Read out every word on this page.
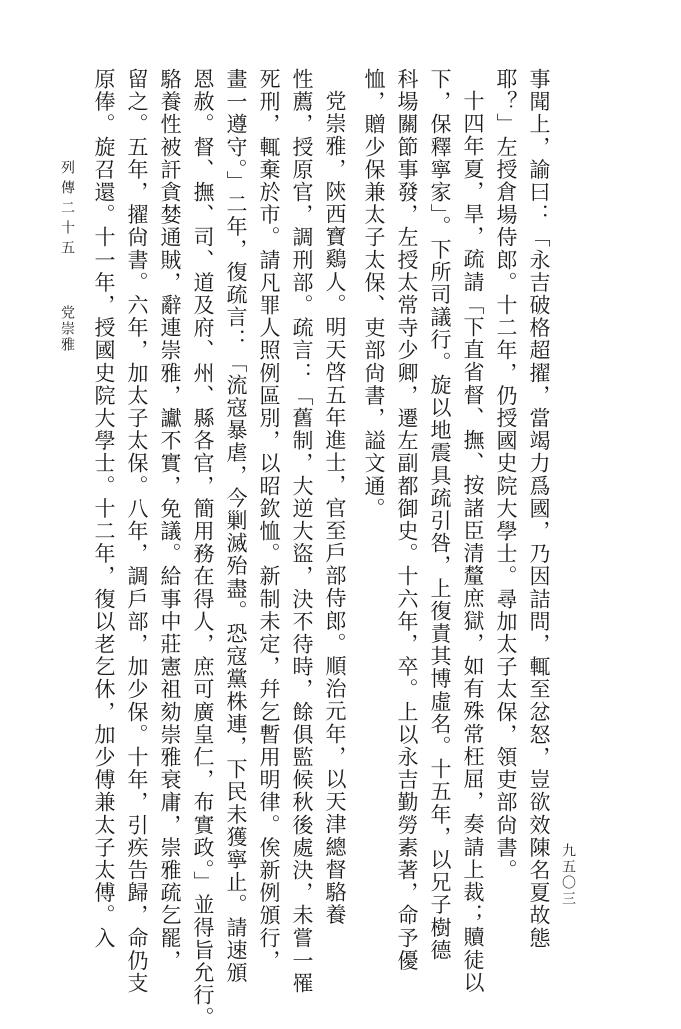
事聞上，諭曰：「永吉破格超擢，當竭力爲國，乃因詰問，輒至忿怒，豈欲效陳名夏故態
耶？」左授倉場侍郎。十二年，仍授國史院大學士。尋加太子太保，領吏部尙書。
十四年夏，旱，疏請「下直省督、撫、按諸臣清釐庶獄，如有殊常枉屈，奏請上裁；贖徒以
下，保釋寧家」。下所司議行。旋以地震具疏引咎，上復責其博虛名。十五年，以兄子樹德
科場關節事發，左授太常寺少卿，遷左副都御史。十六年，卒。上以永吉勤勞素著，命予優
恤，贈少保兼太子太保、吏部尙書，謚文通。
党崇雅，陝西寶鷄人。明天啓五年進士，官至戶部侍郎。順治元年，以天津總督駱養
性薦，授原官，調刑部。疏言：「舊制，大逆大盜，決不待時，餘俱監候秋後處決，未嘗一罹
死刑，輒棄於市。請凡罪人照例區別，以昭欽恤。新制未定，幷乞暫用明律。俟新例頒行，
畫一遵守。」二年，復疏言：「流寇暴虐，今剿滅殆盡。恐寇黨株連，下民未獲寧止。請速頒
恩赦。督、撫、司、道及府、州、縣各官，簡用務在得人，庶可廣皇仁，布實政。」並得旨允行。
駱養性被訐貪婪通賊，辭連崇雅，讞不實，免議。給事中莊憲祖劾崇雅衰庸，崇雅疏乞罷，
留之。五年，擢尙書。六年，加太子太保。八年，調戶部，加少保。十年，引疾告歸，命仍支
原俸。旋召還。十一年，授國史院大學士。十二年，復以老乞休，加少傅兼太子太傅。入	九五〇三
党崇雅
列傳二十五
